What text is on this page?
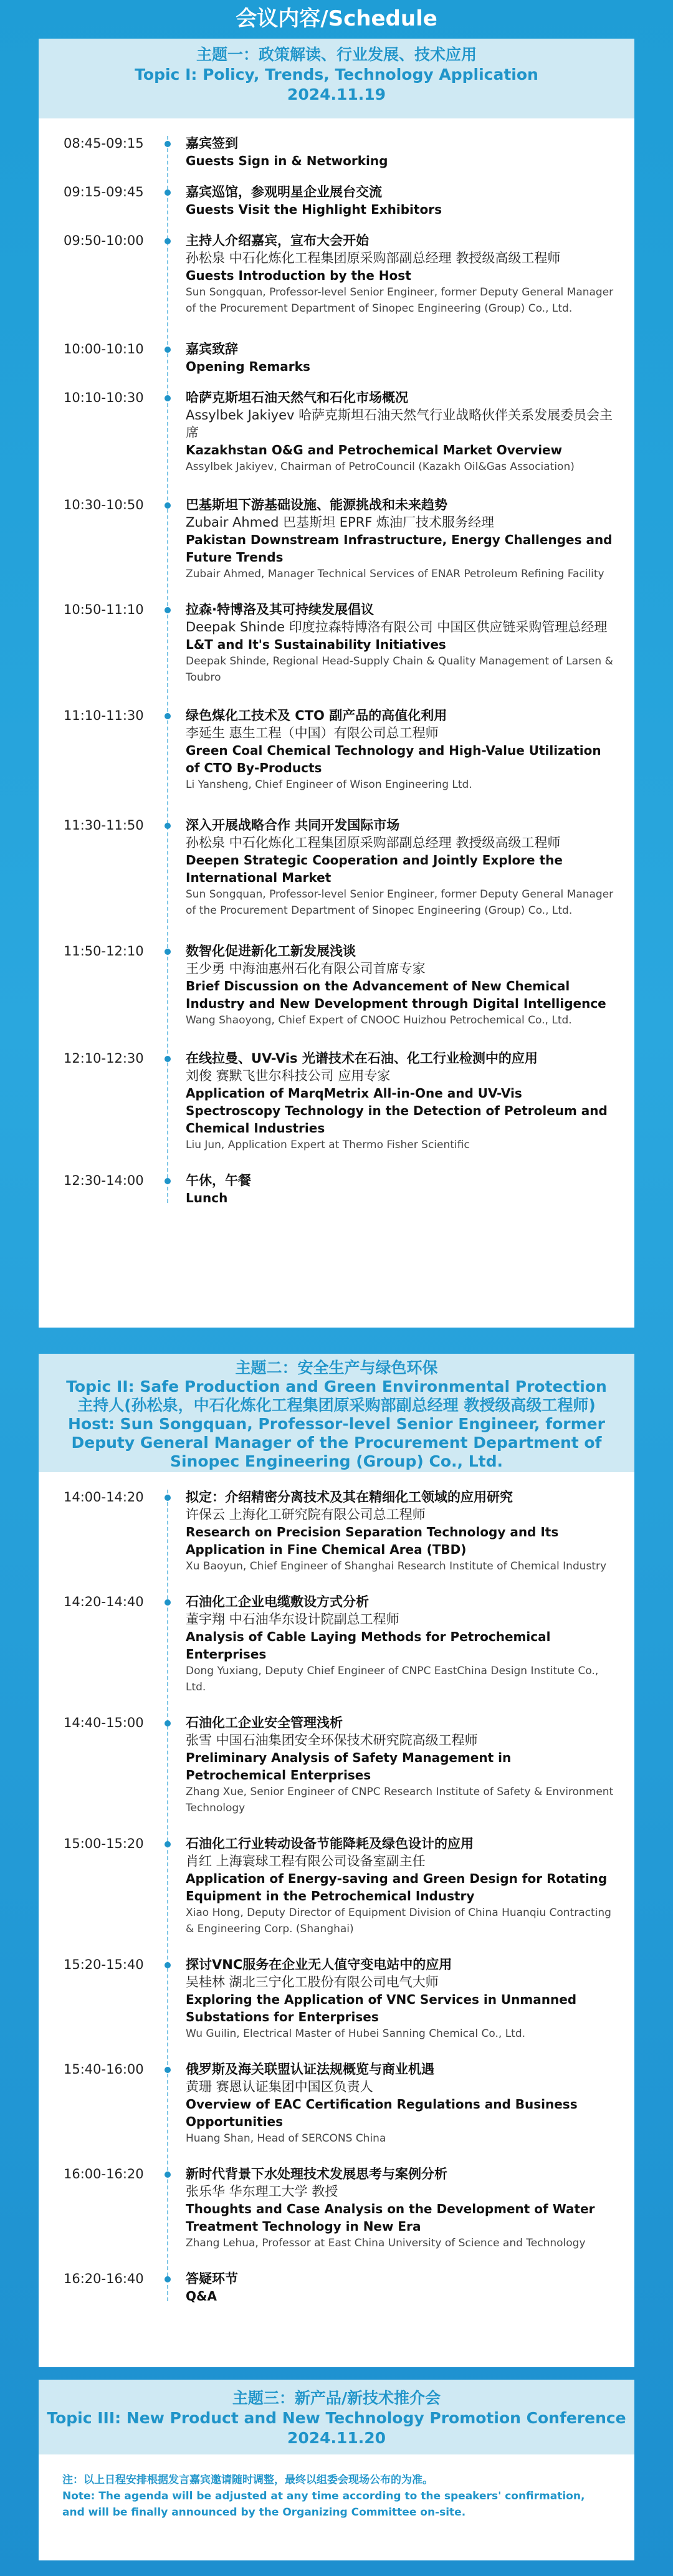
会议内容/Schedule
主题一：政策解读、行业发展、技术应用
Topic I: Policy, Trends, Technology Application
2024.11.19
08:45-09:15	嘉宾签到
Guests Sign in & Networking
09:15-09:45	嘉宾巡馆，参观明星企业展台交流
Guests Visit the Highlight Exhibitors
09:50-10:00	主持人介绍嘉宾，宣布大会开始
孙松泉 中石化炼化工程集团原采购部副总经理 教授级高级工程师
Guests Introduction by the Host
Sun Songquan, Professor-level Senior Engineer, former Deputy General Manager of the Procurement Department of Sinopec Engineering (Group) Co., Ltd.
10:00-10:10	嘉宾致辞
Opening Remarks
10:10-10:30	哈萨克斯坦石油天然气和石化市场概况
Assylbek Jakiyev 哈萨克斯坦石油天然气行业战略伙伴关系发展委员会主席
Kazakhstan O&G and Petrochemical Market Overview
Assylbek Jakiyev, Chairman of PetroCouncil (Kazakh Oil&Gas Association)
10:30-10:50	巴基斯坦下游基础设施、能源挑战和未来趋势
Zubair Ahmed 巴基斯坦 EPRF 炼油厂技术服务经理
Pakistan Downstream Infrastructure, Energy Challenges and Future Trends
Zubair Ahmed, Manager Technical Services of ENAR Petroleum Refining Facility
10:50-11:10	拉森·特博洛及其可持续发展倡议
Deepak Shinde 印度拉森特博洛有限公司 中国区供应链采购管理总经理
L&T and It's Sustainability Initiatives
Deepak Shinde, Regional Head-Supply Chain & Quality Management of Larsen & Toubro
11:10-11:30	绿色煤化工技术及 CTO 副产品的高值化利用
李延生 惠生工程（中国）有限公司总工程师
Green Coal Chemical Technology and High-Value Utilization of CTO By-Products
Li Yansheng, Chief Engineer of Wison Engineering Ltd.
11:30-11:50	深入开展战略合作 共同开发国际市场
孙松泉 中石化炼化工程集团原采购部副总经理 教授级高级工程师
Deepen Strategic Cooperation and Jointly Explore the International Market
Sun Songquan, Professor-level Senior Engineer, former Deputy General Manager of the Procurement Department of Sinopec Engineering (Group) Co., Ltd.
11:50-12:10	数智化促进新化工新发展浅谈
王少勇 中海油惠州石化有限公司首席专家
Brief Discussion on the Advancement of New Chemical Industry and New Development through Digital Intelligence
Wang Shaoyong, Chief Expert of CNOOC Huizhou Petrochemical Co., Ltd.
12:10-12:30	在线拉曼、UV-Vis 光谱技术在石油、化工行业检测中的应用
刘俊 赛默飞世尔科技公司 应用专家
Application of MarqMetrix All-in-One and UV-Vis Spectroscopy Technology in the Detection of Petroleum and Chemical Industries
Liu Jun, Application Expert at Thermo Fisher Scientific
12:30-14:00	午休，午餐
Lunch
主题二：安全生产与绿色环保
Topic II: Safe Production and Green Environmental Protection
主持人(孙松泉，中石化炼化工程集团原采购部副总经理 教授级高级工程师)
Host: Sun Songquan, Professor-level Senior Engineer, former Deputy General Manager of the Procurement Department of Sinopec Engineering (Group) Co., Ltd.
14:00-14:20	拟定：介绍精密分离技术及其在精细化工领域的应用研究
许保云 上海化工研究院有限公司总工程师
Research on Precision Separation Technology and Its Application in Fine Chemical Area (TBD)
Xu Baoyun, Chief Engineer of Shanghai Research Institute of Chemical Industry
14:20-14:40	石油化工企业电缆敷设方式分析
董宇翔 中石油华东设计院副总工程师
Analysis of Cable Laying Methods for Petrochemical Enterprises
Dong Yuxiang, Deputy Chief Engineer of CNPC EastChina Design Institute Co., Ltd.
14:40-15:00	石油化工企业安全管理浅析
张雪 中国石油集团安全环保技术研究院高级工程师
Preliminary Analysis of Safety Management in Petrochemical Enterprises
Zhang Xue, Senior Engineer of CNPC Research Institute of Safety & Environment Technology
15:00-15:20	石油化工行业转动设备节能降耗及绿色设计的应用
肖红 上海寰球工程有限公司设备室副主任
Application of Energy-saving and Green Design for Rotating Equipment in the Petrochemical Industry
Xiao Hong, Deputy Director of Equipment Division of China Huanqiu Contracting & Engineering Corp. (Shanghai)
15:20-15:40	探讨VNC服务在企业无人值守变电站中的应用
吴桂林 湖北三宁化工股份有限公司电气大师
Exploring the Application of VNC Services in Unmanned Substations for Enterprises
Wu Guilin, Electrical Master of Hubei Sanning Chemical Co., Ltd.
15:40-16:00	俄罗斯及海关联盟认证法规概览与商业机遇
黄珊 赛恩认证集团中国区负责人
Overview of EAC Certification Regulations and Business Opportunities
Huang Shan, Head of SERCONS China
16:00-16:20	新时代背景下水处理技术发展思考与案例分析
张乐华 华东理工大学 教授
Thoughts and Case Analysis on the Development of Water Treatment Technology in New Era
Zhang Lehua, Professor at East China University of Science and Technology
16:20-16:40	答疑环节
Q&A
主题三：新产品/新技术推介会
Topic III: New Product and New Technology Promotion Conference
2024.11.20
注：以上日程安排根据发言嘉宾邀请随时调整，最终以组委会现场公布的为准。
Note: The agenda will be adjusted at any time according to the speakers' confirmation, and will be finally announced by the Organizing Committee on-site.
